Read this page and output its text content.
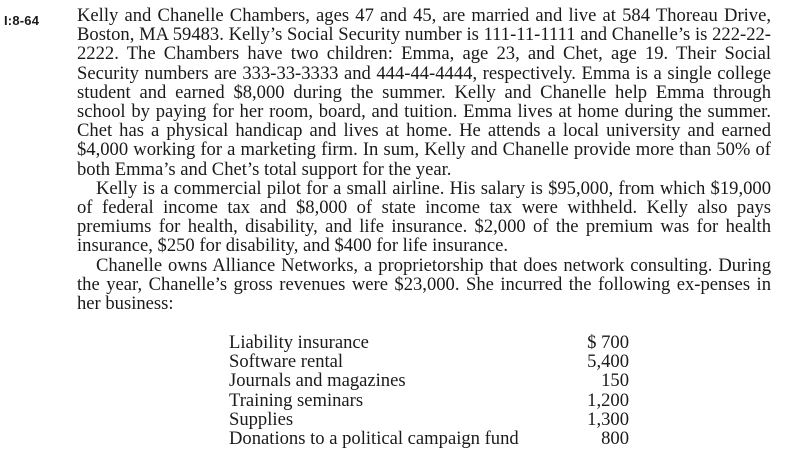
I:8-64 Kelly and Chanelle Chambers, ages 47 and 45, are married and live at 584 Thoreau Drive, Boston, MA 59483. Kelly’s Social Security number is 111-11-1111 and Chanelle’s is 222-22-2222. The Chambers have two children: Emma, age 23, and Chet, age 19. Their Social Security numbers are 333-33-3333 and 444-44-4444, respectively. Emma is a single college student and earned $8,000 during the summer. Kelly and Chanelle help Emma through school by paying for her room, board, and tuition. Emma lives at home during the summer. Chet has a physical handicap and lives at home. He attends a local university and earned $4,000 working for a marketing firm. In sum, Kelly and Chanelle provide more than 50% of both Emma’s and Chet’s total support for the year.

Kelly is a commercial pilot for a small airline. His salary is $95,000, from which $19,000 of federal income tax and $8,000 of state income tax were withheld. Kelly also pays premiums for health, disability, and life insurance. $2,000 of the premium was for health insurance, $250 for disability, and $400 for life insurance.

Chanelle owns Alliance Networks, a proprietorship that does network consulting. During the year, Chanelle’s gross revenues were $23,000. She incurred the following ex-penses in her business:

Liability insurance	$ 700
Software rental	5,400
Journals and magazines	150
Training seminars	1,200
Supplies	1,300
Donations to a political campaign fund	800
